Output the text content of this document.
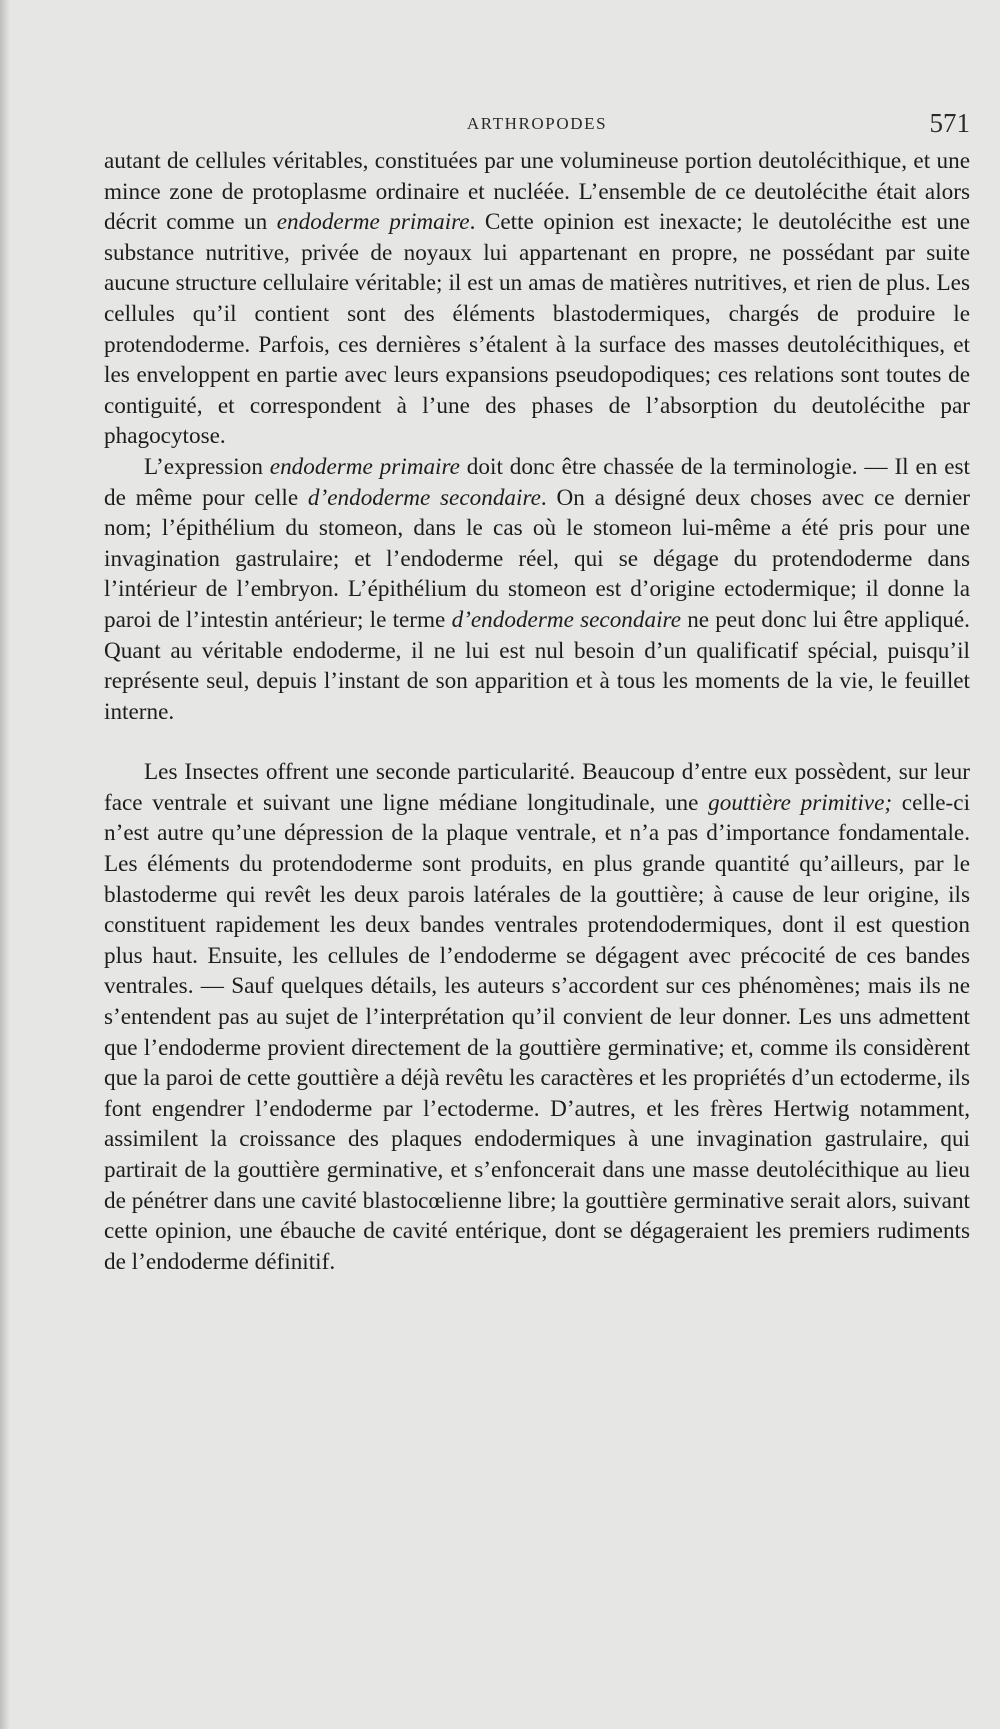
ARTHROPODES	571

autant de cellules véritables, constituées par une volumineuse portion deutolécithique, et une mince zone de protoplasme ordinaire et nucléée. L’ensemble de ce deutolécithe était alors décrit comme un endoderme primaire. Cette opinion est inexacte; le deutolécithe est une substance nutritive, privée de noyaux lui appartenant en propre, ne possédant par suite aucune structure cellulaire véritable; il est un amas de matières nutritives, et rien de plus. Les cellules qu’il contient sont des éléments blastodermiques, chargés de produire le protendoderme. Parfois, ces dernières s’étalent à la surface des masses deutolécithiques, et les enveloppent en partie avec leurs expansions pseudopodiques; ces relations sont toutes de contiguité, et correspondent à l’une des phases de l’absorption du deutolécithe par phagocytose.

L’expression endoderme primaire doit donc être chassée de la terminologie. — Il en est de même pour celle d’endoderme secondaire. On a désigné deux choses avec ce dernier nom; l’épithélium du stomeon, dans le cas où le stomeon lui-même a été pris pour une invagination gastrulaire; et l’endoderme réel, qui se dégage du protendoderme dans l’intérieur de l’embryon. L’épithélium du stomeon est d’origine ectodermique; il donne la paroi de l’intestin antérieur; le terme d’endoderme secondaire ne peut donc lui être appliqué. Quant au véritable endoderme, il ne lui est nul besoin d’un qualificatif spécial, puisqu’il représente seul, depuis l’instant de son apparition et à tous les moments de la vie, le feuillet interne.

Les Insectes offrent une seconde particularité. Beaucoup d’entre eux possèdent, sur leur face ventrale et suivant une ligne médiane longitudinale, une gouttière primitive; celle-ci n’est autre qu’une dépression de la plaque ventrale, et n’a pas d’importance fondamentale. Les éléments du protendoderme sont produits, en plus grande quantité qu’ailleurs, par le blastoderme qui revêt les deux parois latérales de la gouttière; à cause de leur origine, ils constituent rapidement les deux bandes ventrales protendodermiques, dont il est question plus haut. Ensuite, les cellules de l’endoderme se dégagent avec précocité de ces bandes ventrales. — Sauf quelques détails, les auteurs s’accordent sur ces phénomènes; mais ils ne s’entendent pas au sujet de l’interprétation qu’il convient de leur donner. Les uns admettent que l’endoderme provient directement de la gouttière germinative; et, comme ils considèrent que la paroi de cette gouttière a déjà revêtu les caractères et les propriétés d’un ectoderme, ils font engendrer l’endoderme par l’ectoderme. D’autres, et les frères Hertwig notamment, assimilent la croissance des plaques endodermiques à une invagination gastrulaire, qui partirait de la gouttière germinative, et s’enfoncerait dans une masse deutolécithique au lieu de pénétrer dans une cavité blastocœlienne libre; la gouttière germinative serait alors, suivant cette opinion, une ébauche de cavité entérique, dont se dégageraient les premiers rudiments de l’endoderme définitif.
